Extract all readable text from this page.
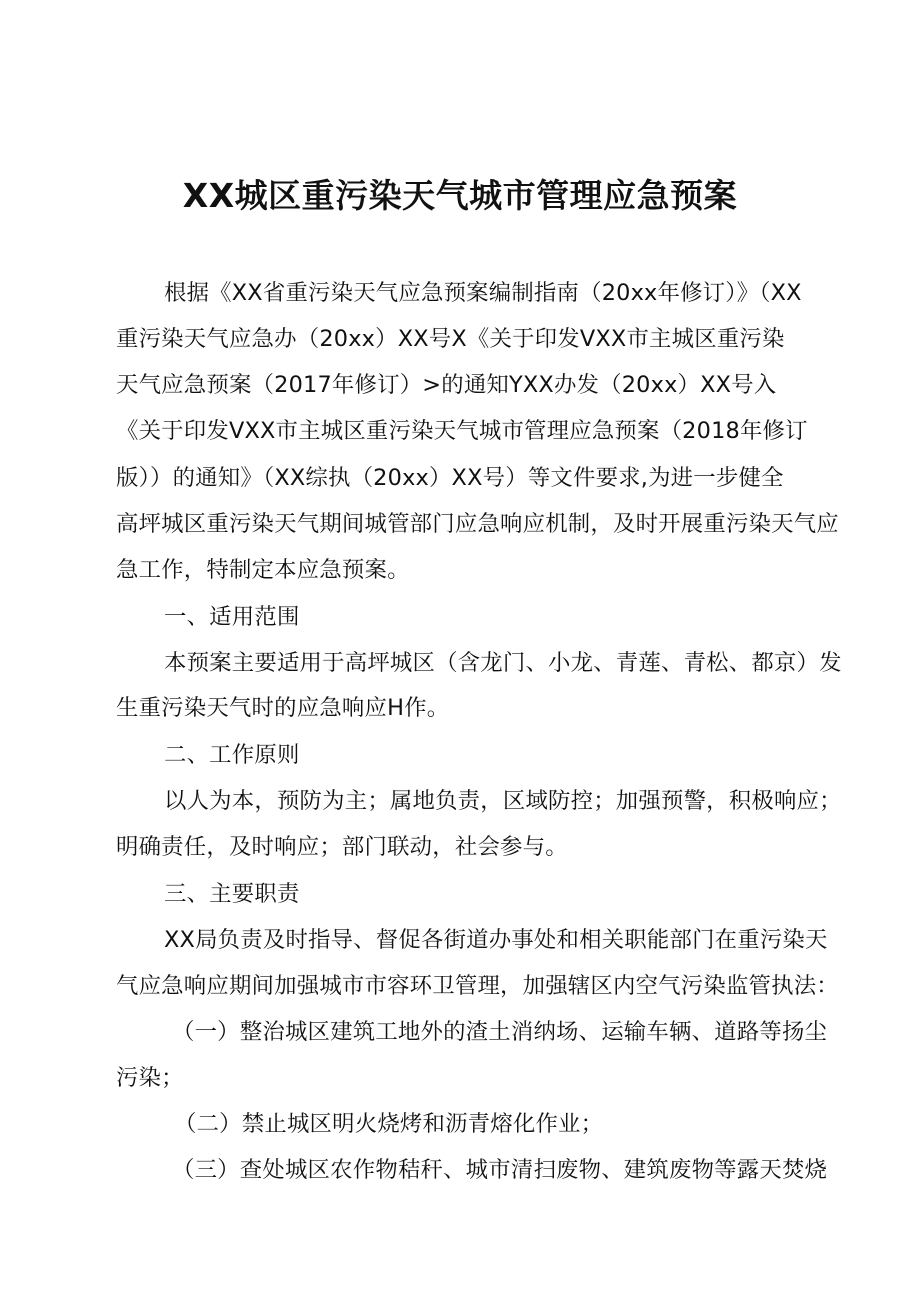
XX城区重污染天气城市管理应急预案
根据《XX省重污染天气应急预案编制指南（20xx年修订）》（XX
重污染天气应急办（20xx）XX号X《关于印发VXX市主城区重污染
天气应急预案（2017年修订）>的通知YXX办发（20xx）XX号入
《关于印发VXX市主城区重污染天气城市管理应急预案（2018年修订
版））的通知》（XX综执（20xx）XX号）等文件要求,为进一步健全
高坪城区重污染天气期间城管部门应急响应机制，及时开展重污染天气应
急工作，特制定本应急预案。
一、适用范围
本预案主要适用于高坪城区（含龙门、小龙、青莲、青松、都京）发
生重污染天气时的应急响应H作。
二、工作原则
以人为本，预防为主；属地负责，区域防控；加强预警，积极响应；
明确责任，及时响应；部门联动，社会参与。
三、主要职责
XX局负责及时指导、督促各街道办事处和相关职能部门在重污染天
气应急响应期间加强城市市容环卫管理，加强辖区内空气污染监管执法：
（一）整治城区建筑工地外的渣土消纳场、运输车辆、道路等扬尘
污染；
（二）禁止城区明火烧烤和沥青熔化作业；
（三）查处城区农作物秸秆、城市清扫废物、建筑废物等露天焚烧
